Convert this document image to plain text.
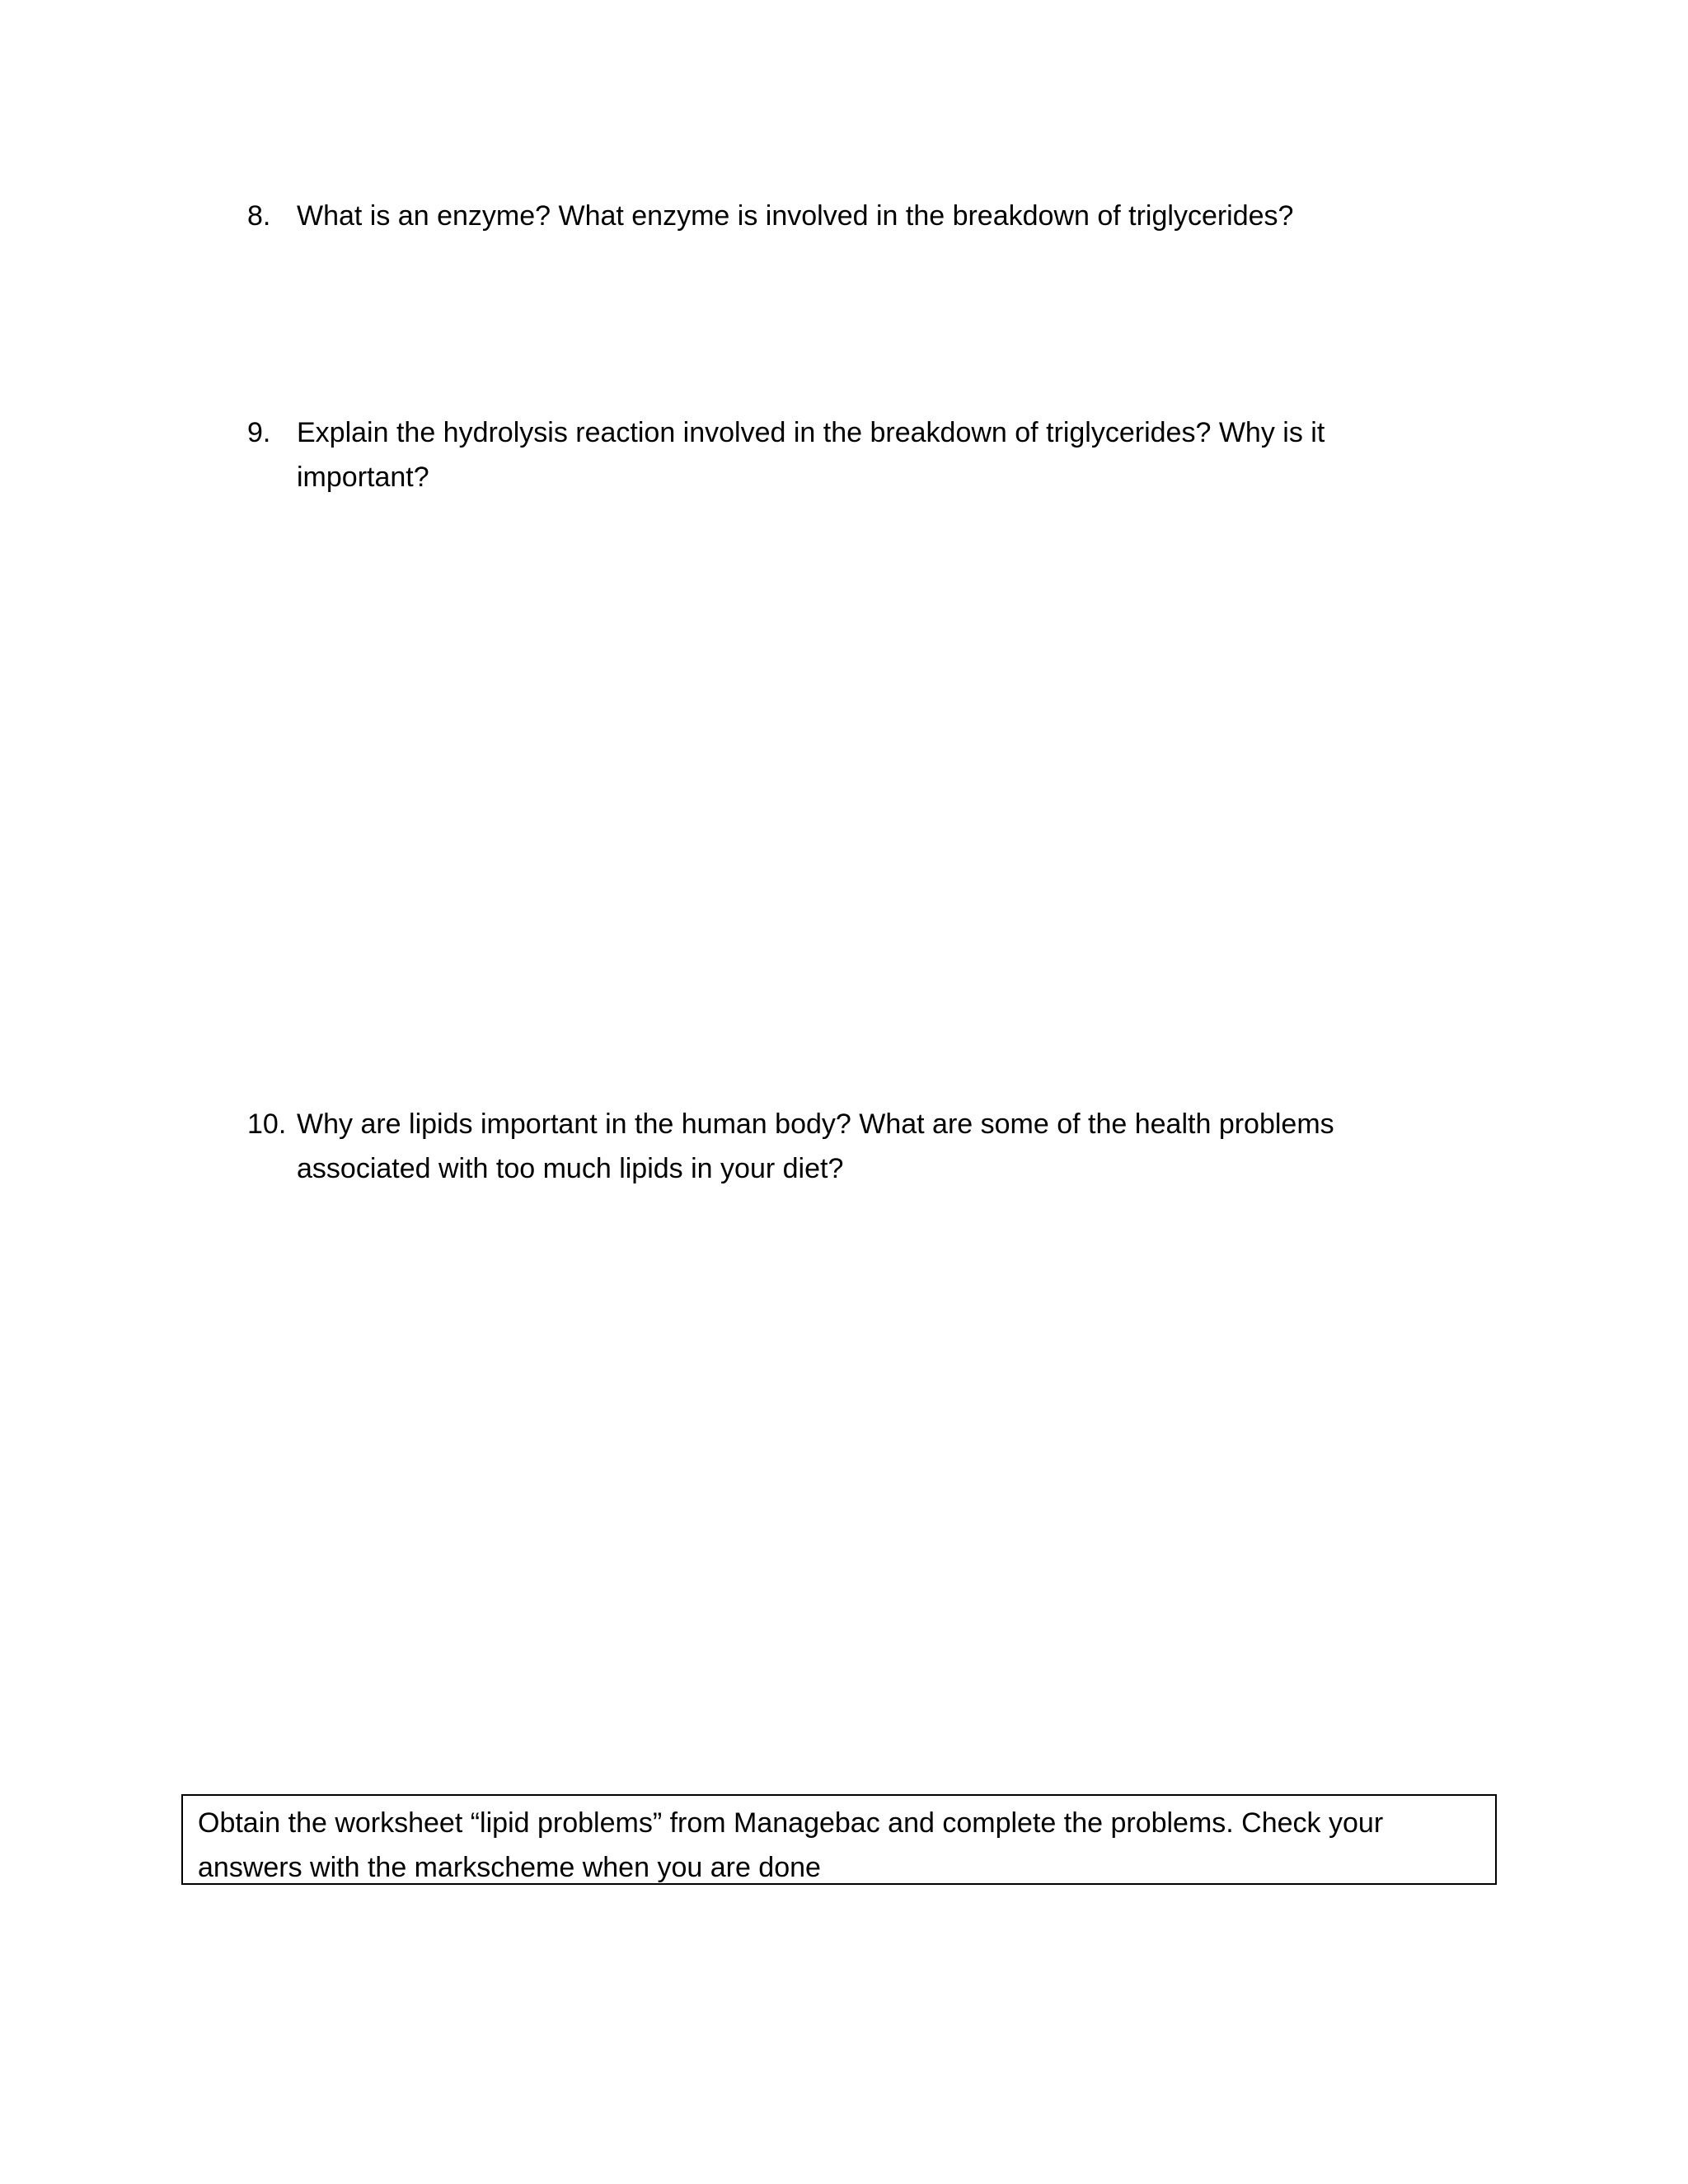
8. What is an enzyme? What enzyme is involved in the breakdown of triglycerides?
9. Explain the hydrolysis reaction involved in the breakdown of triglycerides? Why is it important?
10. Why are lipids important in the human body? What are some of the health problems associated with too much lipids in your diet?
Obtain the worksheet “lipid problems” from Managebac and complete the problems. Check your answers with the markscheme when you are done
